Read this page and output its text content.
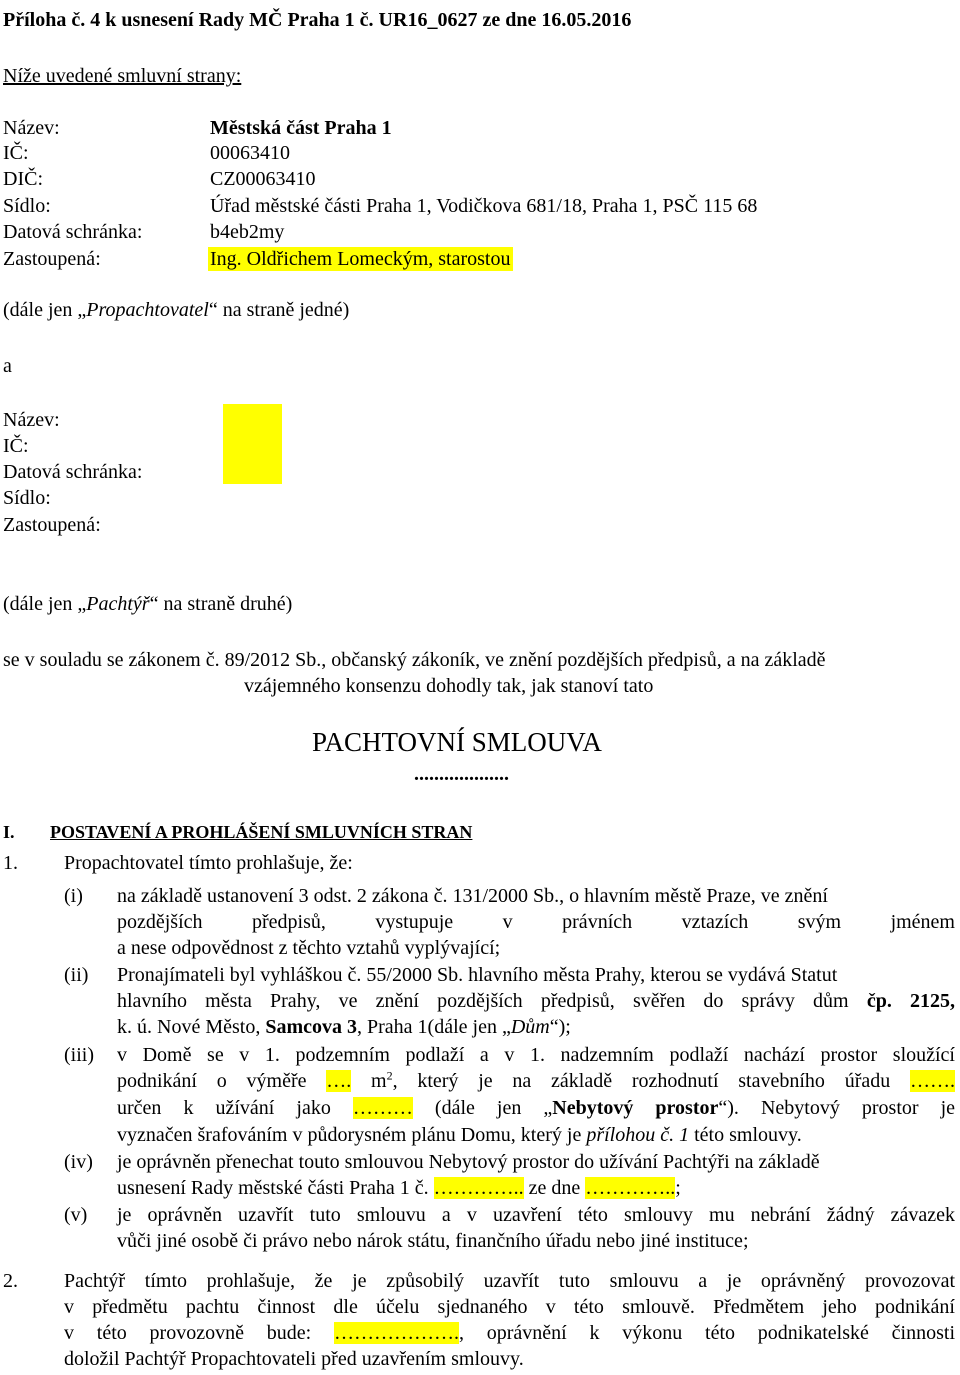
Příloha č. 4 k usnesení Rady MČ Praha 1 č. UR16_0627 ze dne 16.05.2016
Níže uvedené smluvní strany:
Název:	Městská část Praha 1
IČ:	00063410
DIČ:	CZ00063410
Sídlo:	Úřad městské části Praha 1, Vodičkova 681/18, Praha 1, PSČ 115 68
Datová schránka:	b4eb2my
Zastoupená:	Ing. Oldřichem Lomeckým, starostou
(dále jen „Propachtovatel“ na straně jedné)
a
Název:
IČ:
Datová schránka:
Sídlo:
Zastoupená:
(dále jen „Pachtýř“ na straně druhé)
se v souladu se zákonem č. 89/2012 Sb., občanský zákoník, ve znění pozdějších předpisů, a na základě
vzájemného konsenzu dohodly tak, jak stanoví tato
PACHTOVNÍ SMLOUVA
...................
I. POSTAVENÍ A PROHLÁŠENÍ SMLUVNÍCH STRAN
1. Propachtovatel tímto prohlašuje, že:
(i) na základě ustanovení 3 odst. 2 zákona č. 131/2000 Sb., o hlavním městě Praze, ve znění
pozdějších předpisů, vystupuje v právních vztazích svým jménem
a nese odpovědnost z těchto vztahů vyplývající;
(ii) Pronajímateli byl vyhláškou č. 55/2000 Sb. hlavního města Prahy, kterou se vydává Statut
hlavního města Prahy, ve znění pozdějších předpisů, svěřen do správy dům čp. 2125,
k. ú. Nové Město, Samcova 3, Praha 1(dále jen „Dům“);
(iii) v Domě se v 1. podzemním podlaží a v 1. nadzemním podlaží nachází prostor sloužící
podnikání o výměře …. $m^2$, který je na základě rozhodnutí stavebního úřadu …….
určen k užívání jako ……… (dále jen „Nebytový prostor“). Nebytový prostor je
vyznačen šrafováním v půdorysném plánu Domu, který je přílohou č. 1 této smlouvy.
(iv) je oprávněn přenechat touto smlouvou Nebytový prostor do užívání Pachtýři na základě
usnesení Rady městské části Praha 1 č. ………….. ze dne …………..;
(v) je oprávněn uzavřít tuto smlouvu a v uzavření této smlouvy mu nebrání žádný závazek
vůči jiné osobě či právo nebo nárok státu, finančního úřadu nebo jiné instituce;
2. Pachtýř tímto prohlašuje, že je způsobilý uzavřít tuto smlouvu a je oprávněný provozovat
v předmětu pachtu činnost dle účelu sjednaného v této smlouvě. Předmětem jeho podnikání
v této provozovně bude: ………………., oprávnění k výkonu této podnikatelské činnosti
doložil Pachtýř Propachtovateli před uzavřením smlouvy.
